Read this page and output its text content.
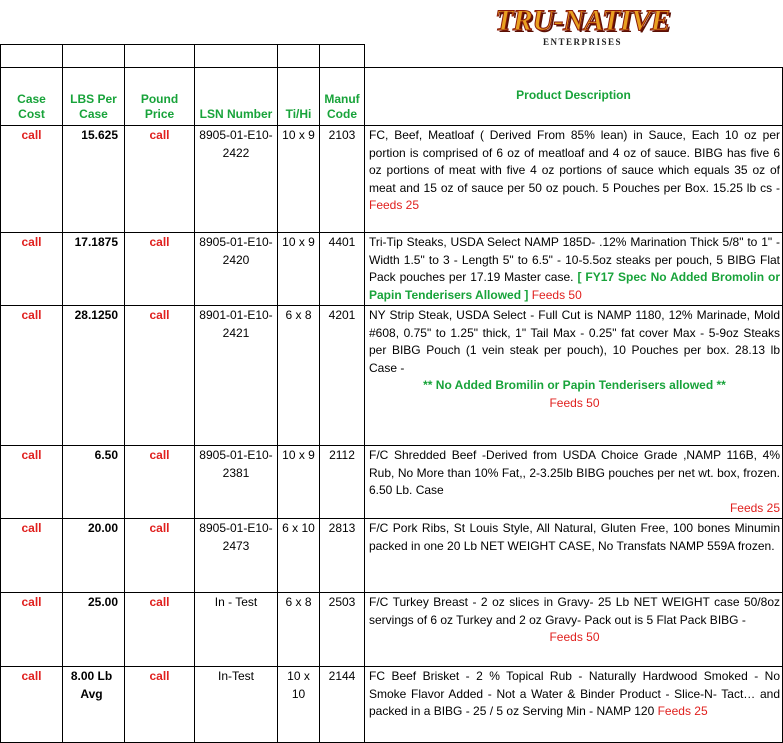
TRU-NATIVE
ENTERPRISES

Case Cost	LBS Per Case	Pound Price	LSN Number	Ti/Hi	Manuf Code	Product Description
call	15.625	call	8905-01-E10-2422	10 x 9	2103	FC, Beef, Meatloaf ( Derived From 85% lean) in Sauce, Each 10 oz per portion is comprised of 6 oz of meatloaf and 4 oz of sauce. BIBG has five 6 oz portions of meat with five 4 oz portions of sauce which equals 35 oz of meat and 15 oz of sauce per 50 oz pouch. 5 Pouches per Box. 15.25 lb cs - Feeds 25
call	17.1875	call	8905-01-E10-2420	10 x 9	4401	Tri-Tip Steaks, USDA Select NAMP 185D- .12% Marination Thick 5/8" to 1" - Width 1.5" to 3 - Length 5" to 6.5" - 10-5.5oz steaks per pouch, 5 BIBG Flat Pack pouches per 17.19 Master case. [ FY17 Spec No Added Bromolin or Papin Tenderisers Allowed ] Feeds 50
call	28.1250	call	8901-01-E10-2421	6 x 8	4201	NY Strip Steak, USDA Select - Full Cut is NAMP 1180, 12% Marinade, Mold #608, 0.75" to 1.25" thick, 1" Tail Max - 0.25" fat cover Max - 5-9oz Steaks per BIBG Pouch (1 vein steak per pouch), 10 Pouches per box. 28.13 lb Case -
** No Added Bromilin or Papin Tenderisers allowed **
Feeds 50

call	6.50	call	8905-01-E10-2381	10 x 9	2112	F/C Shredded Beef -Derived from USDA Choice Grade ,NAMP 116B, 4% Rub, No More than 10% Fat,, 2-3.25lb BIBG pouches per net wt. box, frozen. 6.50 Lb. Case
Feeds 25

call	20.00	call	8905-01-E10-2473	6 x 10	2813	F/C Pork Ribs, St Louis Style, All Natural, Gluten Free, 100 bones Minumin packed in one 20 Lb NET WEIGHT CASE, No Transfats NAMP 559A frozen.
call	25.00	call	In - Test	6 x 8	2503	F/C Turkey Breast - 2 oz slices in Gravy- 25 Lb NET WEIGHT case 50/8oz servings of 6 oz Turkey and 2 oz Gravy- Pack out is 5 Flat Pack BIBG -
Feeds 50

call	8.00 Lb Avg	call	In-Test	10 x 10	2144	FC Beef Brisket - 2 % Topical Rub - Naturally Hardwood Smoked - No Smoke Flavor Added - Not a Water & Binder Product - Slice-N- Tact… and packed in a BIBG - 25 / 5 oz Serving Min - NAMP 120 Feeds 25
